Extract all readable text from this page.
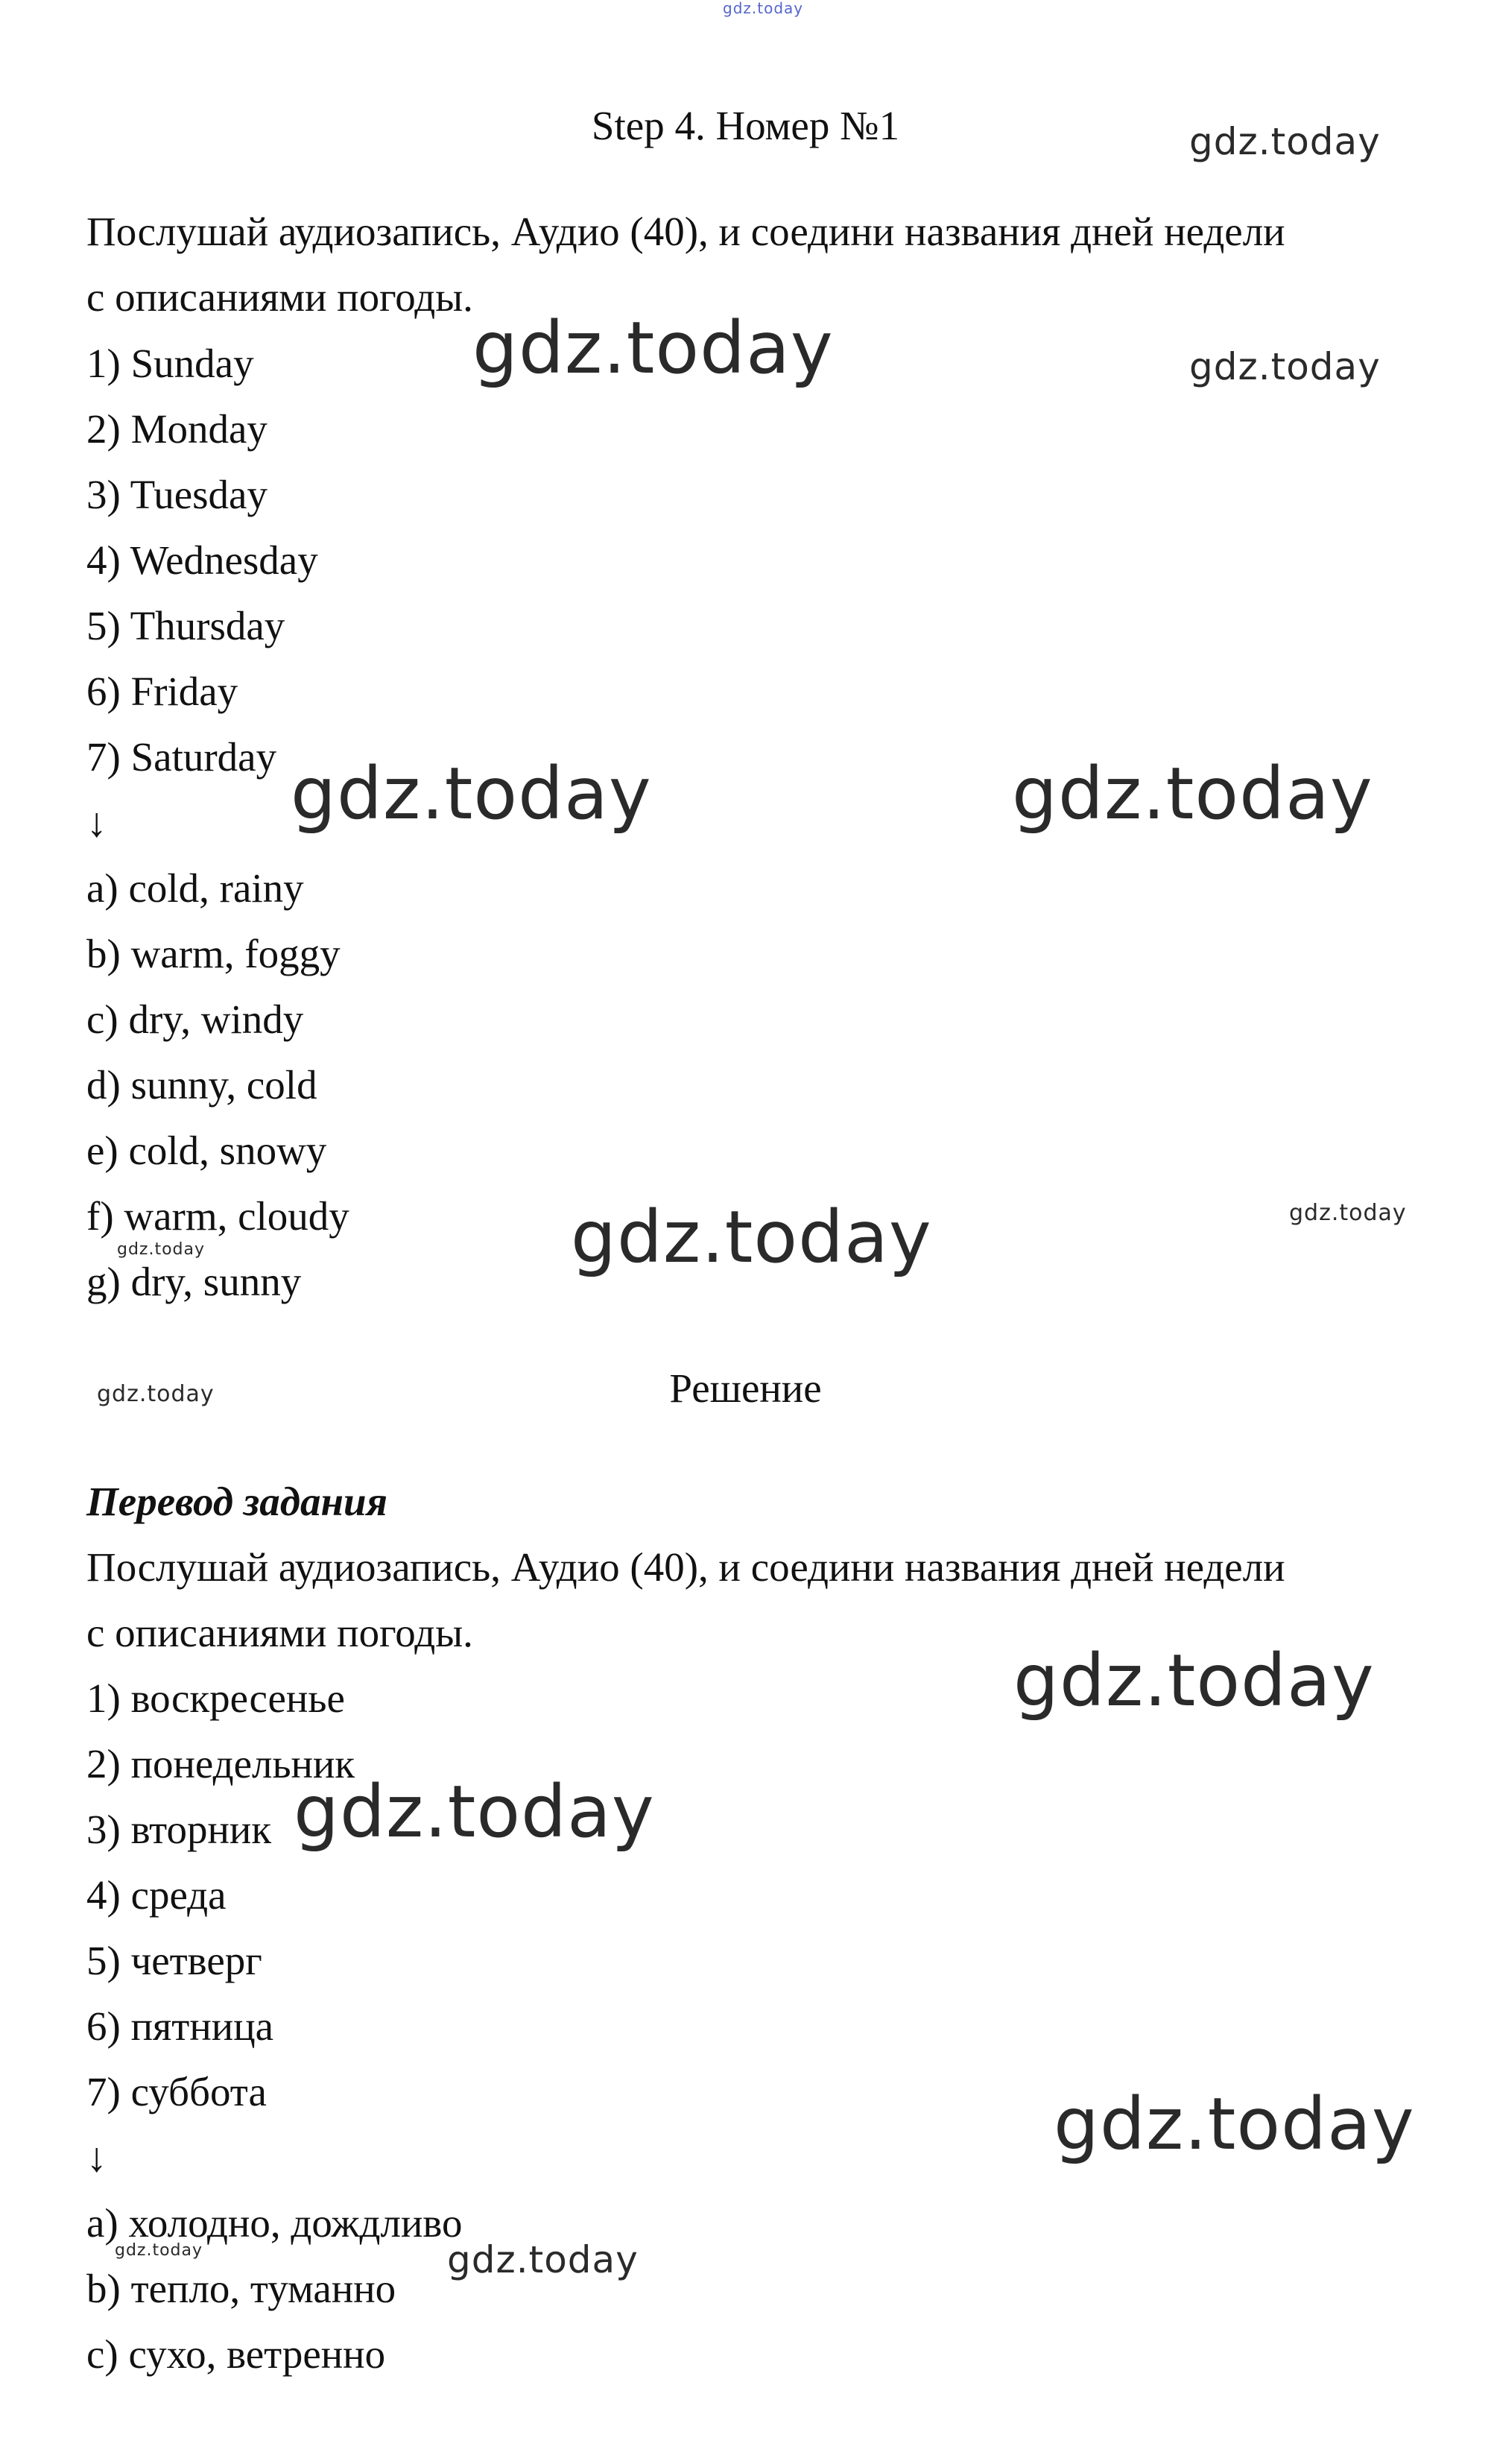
gdz.today
Step 4. Номер №1

Послушай аудиозапись, Аудио (40), и соедини названия дней недели

с описаниями погоды.

1) Sunday

2) Monday

3) Tuesday

4) Wednesday

5) Thursday

6) Friday

7) Saturday

↓

a) cold, rainy

b) warm, foggy

c) dry, windy

d) sunny, cold

e) cold, snowy

f) warm, cloudy

g) dry, sunny

Решение

Перевод задания

Послушай аудиозапись, Аудио (40), и соедини названия дней недели

с описаниями погоды.

1) воскресенье

2) понедельник

3) вторник

4) среда

5) четверг

6) пятница

7) суббота

↓

a) холодно, дождливо

b) тепло, туманно

c) сухо, ветренно

gdz.today
gdz.today	gdz.today
gdz.today	gdz.today
gdz.today	gdz.today
gdz.today
gdz.today
gdz.today
gdz.today
gdz.today
gdz.today	gdz.today
